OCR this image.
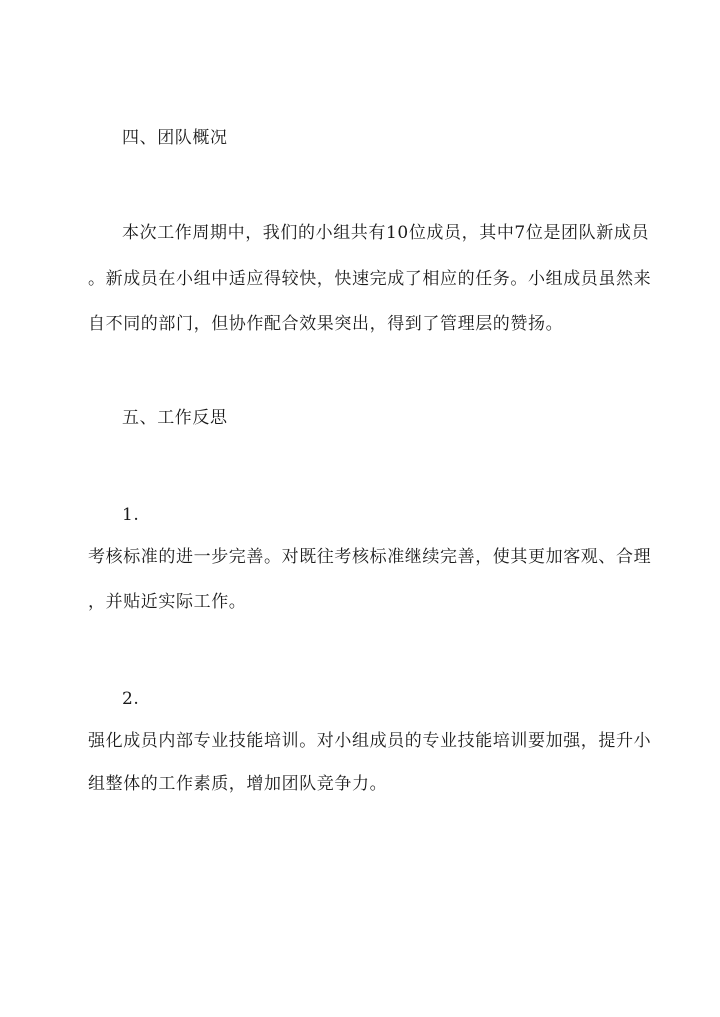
四、团队概况
本次工作周期中，我们的小组共有10位成员，其中7位是团队新成员
。新成员在小组中适应得较快，快速完成了相应的任务。小组成员虽然来
自不同的部门，但协作配合效果突出，得到了管理层的赞扬。
五、工作反思
1.
考核标准的进一步完善。对既往考核标准继续完善，使其更加客观、合理
，并贴近实际工作。
2.
强化成员内部专业技能培训。对小组成员的专业技能培训要加强，提升小
组整体的工作素质，增加团队竞争力。
